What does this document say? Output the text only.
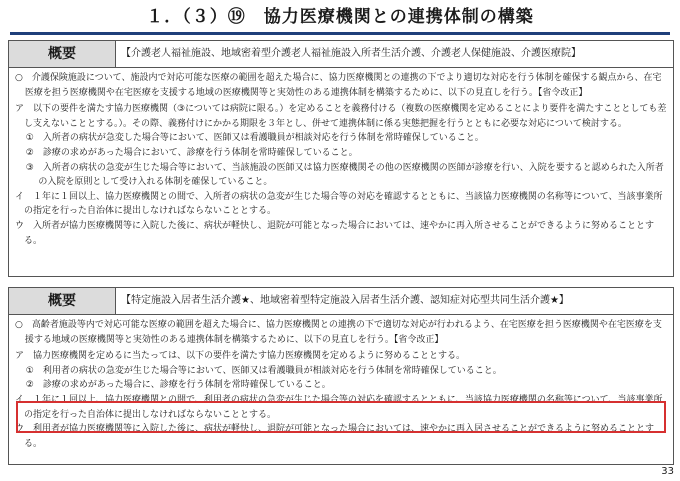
１．（３）⑲　協力医療機関との連携体制の構築
概要	【介護老人福祉施設、地域密着型介護老人福祉施設入所者生活介護、介護老人保健施設、介護医療院】
○　介護保険施設について、施設内で対応可能な医療の範囲を超えた場合に、協力医療機関との連携の下でより適切な対応を行う体制を確保する観点から、在宅医療を担う医療機関や在宅医療を支援する地域の医療機関等と実効性のある連携体制を構築するために、以下の見直しを行う。【省令改正】
ア　以下の要件を満たす協力医療機関（③については病院に限る。）を定めることを義務付ける（複数の医療機関を定めることにより要件を満たすこととしても差し支えないこととする。）。その際、義務付けにかかる期限を３年とし、併せて連携体制に係る実態把握を行うとともに必要な対応について検討する。
①　入所者の病状が急変した場合等において、医師又は看護職員が相談対応を行う体制を常時確保していること。
②　診療の求めがあった場合において、診療を行う体制を常時確保していること。
③　入所者の病状の急変が生じた場合等において、当該施設の医師又は協力医療機関その他の医療機関の医師が診療を行い、入院を要すると認められた入所者の入院を原則として受け入れる体制を確保していること。
イ　１年に１回以上、協力医療機関との間で、入所者の病状の急変が生じた場合等の対応を確認するとともに、当該協力医療機関の名称等について、当該事業所の指定を行った自治体に提出しなければならないこととする。
ウ　入所者が協力医療機関等に入院した後に、病状が軽快し、退院が可能となった場合においては、速やかに再入所させることができるように努めることとする。
概要	【特定施設入居者生活介護★、地域密着型特定施設入居者生活介護、認知症対応型共同生活介護★】
○　高齢者施設等内で対応可能な医療の範囲を超えた場合に、協力医療機関との連携の下で適切な対応が行われるよう、在宅医療を担う医療機関や在宅医療を支援する地域の医療機関等と実効性のある連携体制を構築するために、以下の見直しを行う。【省令改正】
ア　協力医療機関を定めるに当たっては、以下の要件を満たす協力医療機関を定めるように努めることとする。
①　利用者の病状の急変が生じた場合等において、医師又は看護職員が相談対応を行う体制を常時確保していること。
②　診療の求めがあった場合に、診療を行う体制を常時確保していること。
イ　１年に１回以上、協力医療機関との間で、利用者の病状の急変が生じた場合等の対応を確認するとともに、当該協力医療機関の名称等について、当該事業所の指定を行った自治体に提出しなければならないこととする。
ウ　利用者が協力医療機関等に入院した後に、病状が軽快し、退院が可能となった場合においては、速やかに再入居させることができるように努めることとする。
33
